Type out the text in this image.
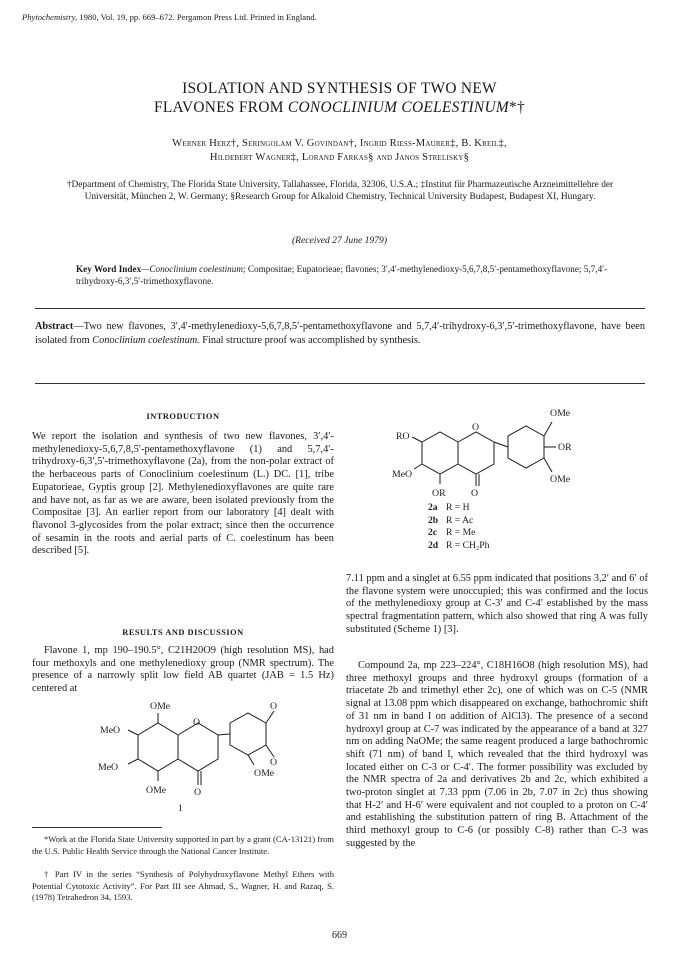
Phytochemistry, 1980, Vol. 19, pp. 669–672. Pergamon Press Ltd. Printed in England.
ISOLATION AND SYNTHESIS OF TWO NEW
FLAVONES FROM CONOCLINIUM COELESTINUM*†
Werner Herz†, Seringolam V. Govindan†, Ingrid Riess-Maurer‡, B. Kreil‡,
Hildebert Wagner‡, Lorand Farkas§ and Janos Strelisky§
†Department of Chemistry, The Florida State University, Tallahassee, Florida, 32306, U.S.A.; ‡Institut für Pharmazeutische Arzneimittellehre der Universität, München 2, W. Germany; §Research Group for Alkaloid Chemistry, Technical University Budapest, Budapest XI, Hungary.
(Received 27 June 1979)
Key Word Index—Conoclinium coelestinum; Compositae; Eupatorieae; flavones; 3′,4′-methylenedioxy-5,6,7,8,5′-pentamethoxyflavone; 5,7,4′-trihydroxy-6,3′,5′-trimethoxyflavone.
Abstract—Two new flavones, 3′,4′-methylenedioxy-5,6,7,8,5′-pentamethoxyflavone and 5,7,4′-trihydroxy-6,3′,5′-trimethoxyflavone, have been isolated from Conoclinium coelestinum. Final structure proof was accomplished by synthesis.
INTRODUCTION
We report the isolation and synthesis of two new flavones, 3′,4′-methylenedioxy-5,6,7,8,5′-pentamethoxyflavone (1) and 5,7,4′-trihydroxy-6,3′,5′-trimethoxyflavone (2a), from the non-polar extract of the herbaceous parts of Conoclinium coelestinum (L.) DC. [1], tribe Eupatorieae, Gyptis group [2]. Methylenedioxyflavones are quite rare and have not, as far as we are aware, been isolated previously from the Compositae [3]. An earlier report from our laboratory [4] dealt with flavonol 3-glycosides from the polar extract; since then the occurrence of sesamin in the roots and aerial parts of C. coelestinum has been described [5].
RESULTS AND DISCUSSION
Flavone 1, mp 190–190.5°, C21H20O9 (high resolution MS), had four methoxyls and one methylenedioxy group (NMR spectrum). The presence of a narrowly split low field AB quartet (JAB = 1.5 Hz) centered at
OMe
MeO
MeO
OMe
OMe	O
O
O
O
1
*Work at the Florida State University supported in part by a grant (CA-13121) from the U.S. Public Health Service through the National Cancer Institute.
† Part IV in the series “Synthesis of Polyhydroxyflavone Methyl Ethers with Potential Cytotoxic Activity”. For Part III see Ahmad, S., Wagner, H. and Razaq, S. (1978) Tetrahedron 34, 1593.
OMe
RO
OR
MeO	OMe
OR	O
O
2a R = H
2b R = Ac
2c R = Me
2d R = CH₂Ph
7.11 ppm and a singlet at 6.55 ppm indicated that positions 3,2′ and 6′ of the flavone system were unoccupied; this was confirmed and the locus of the methylenedioxy group at C-3′ and C-4′ established by the mass spectral fragmentation pattern, which also showed that ring A was fully substituted (Scheme 1) [3].
Compound 2a, mp 223–224°, C18H16O8 (high resolution MS), had three methoxyl groups and three hydroxyl groups (formation of a triacetate 2b and trimethyl ether 2c), one of which was on C-5 (NMR signal at 13.08 ppm which disappeared on exchange, bathochromic shift of 31 nm in band I on addition of AlCl3). The presence of a second hydroxyl group at C-7 was indicated by the appearance of a band at 327 nm on adding NaOMe; the same reagent produced a large bathochromic shift (71 nm) of band I, which revealed that the third hydroxyl was located either on C-3 or C-4′. The former possibility was excluded by the NMR spectra of 2a and derivatives 2b and 2c, which exhibited a two-proton singlet at 7.33 ppm (7.06 in 2b, 7.07 in 2c) thus showing that H-2′ and H-6′ were equivalent and not coupled to a proton on C-4′ and establishing the substitution pattern of ring B. Attachment of the third methoxyl group to C-6 (or possibly C-8) rather than C-3 was suggested by the
669
